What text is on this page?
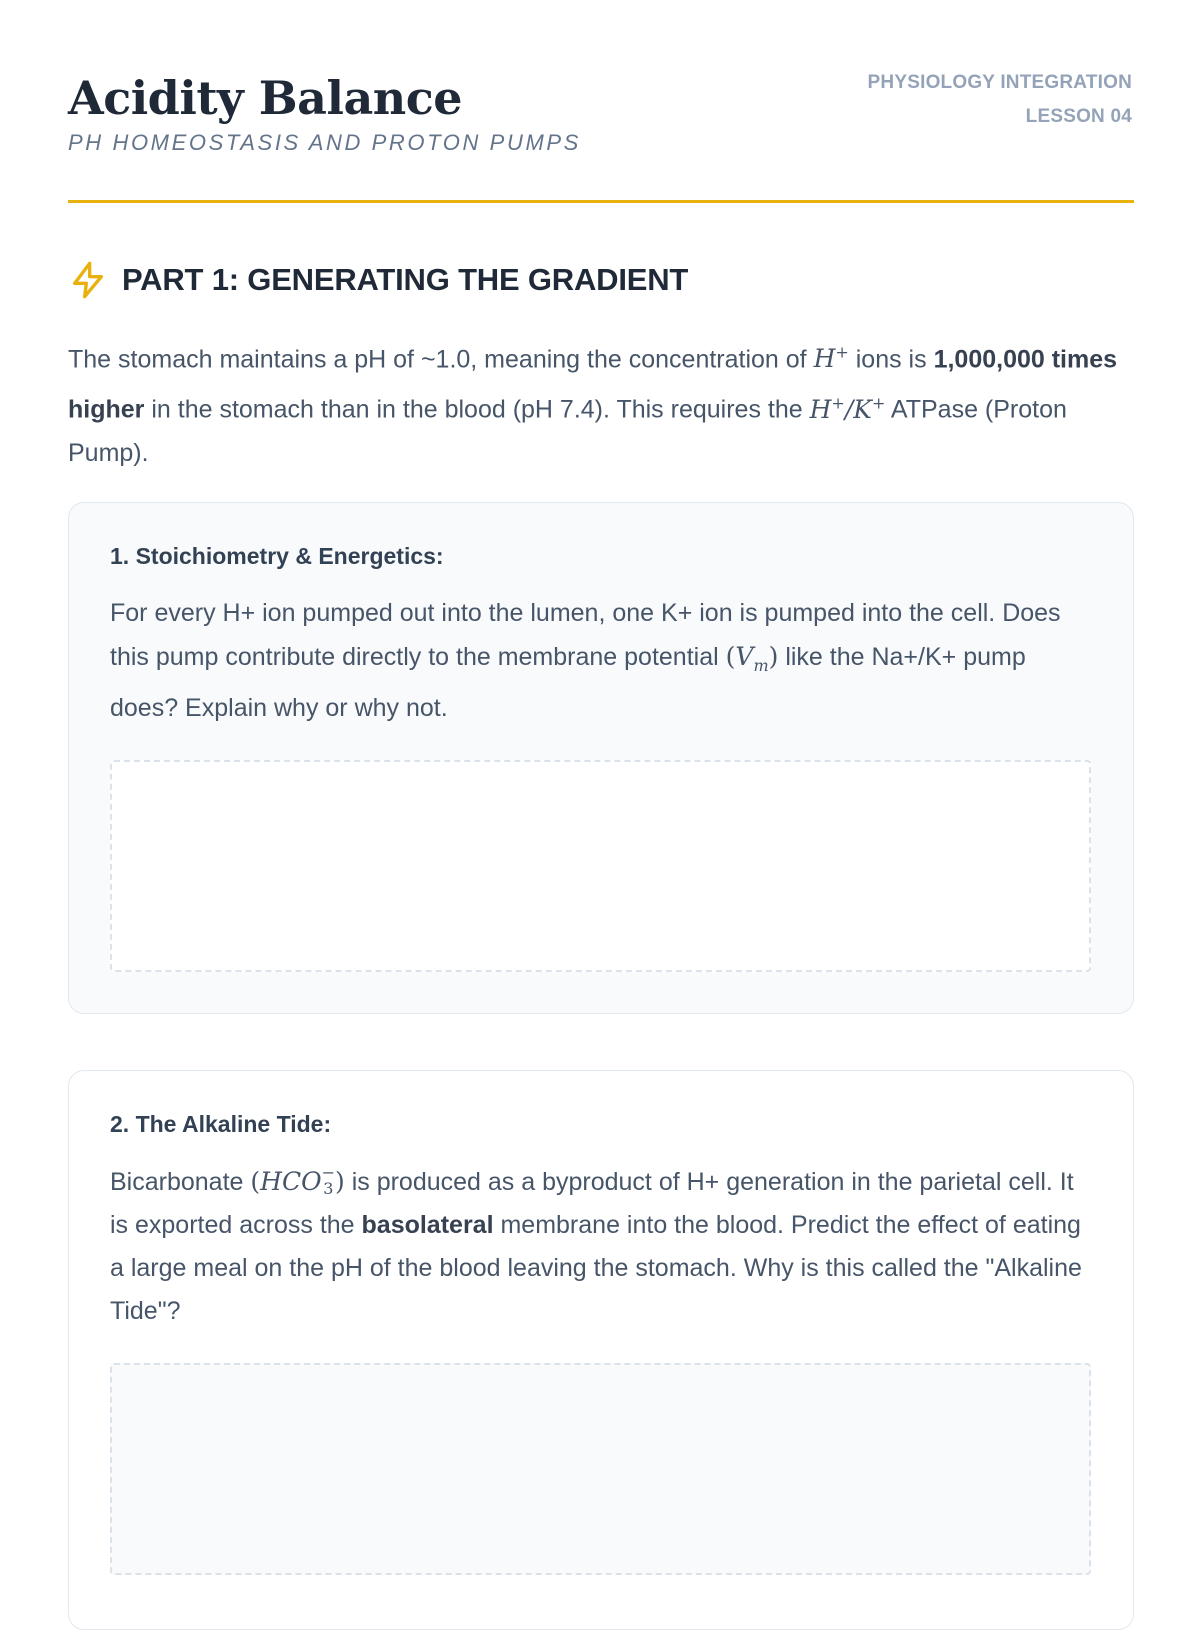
Acidity Balance
PH HOMEOSTASIS AND PROTON PUMPS
PHYSIOLOGY INTEGRATION
LESSON 04
PART 1: GENERATING THE GRADIENT

The stomach maintains a pH of ~1.0, meaning the concentration of H+ ions is 1,000,000 times higher in the stomach than in the blood (pH 7.4). This requires the H+/K+ ATPase (Proton Pump).

1. Stoichiometry & Energetics:
For every H+ ion pumped out into the lumen, one K+ ion is pumped into the cell. Does this pump contribute directly to the membrane potential $(V_m)$ like the Na+/K+ pump does? Explain why or why not.
2. The Alkaline Tide:
Bicarbonate (HCO −
3 ) is produced as a byproduct of H+ generation in the parietal cell. It is exported across the basolateral membrane into the blood. Predict the effect of eating a large meal on the pH of the blood leaving the stomach. Why is this called the "Alkaline Tide"?
